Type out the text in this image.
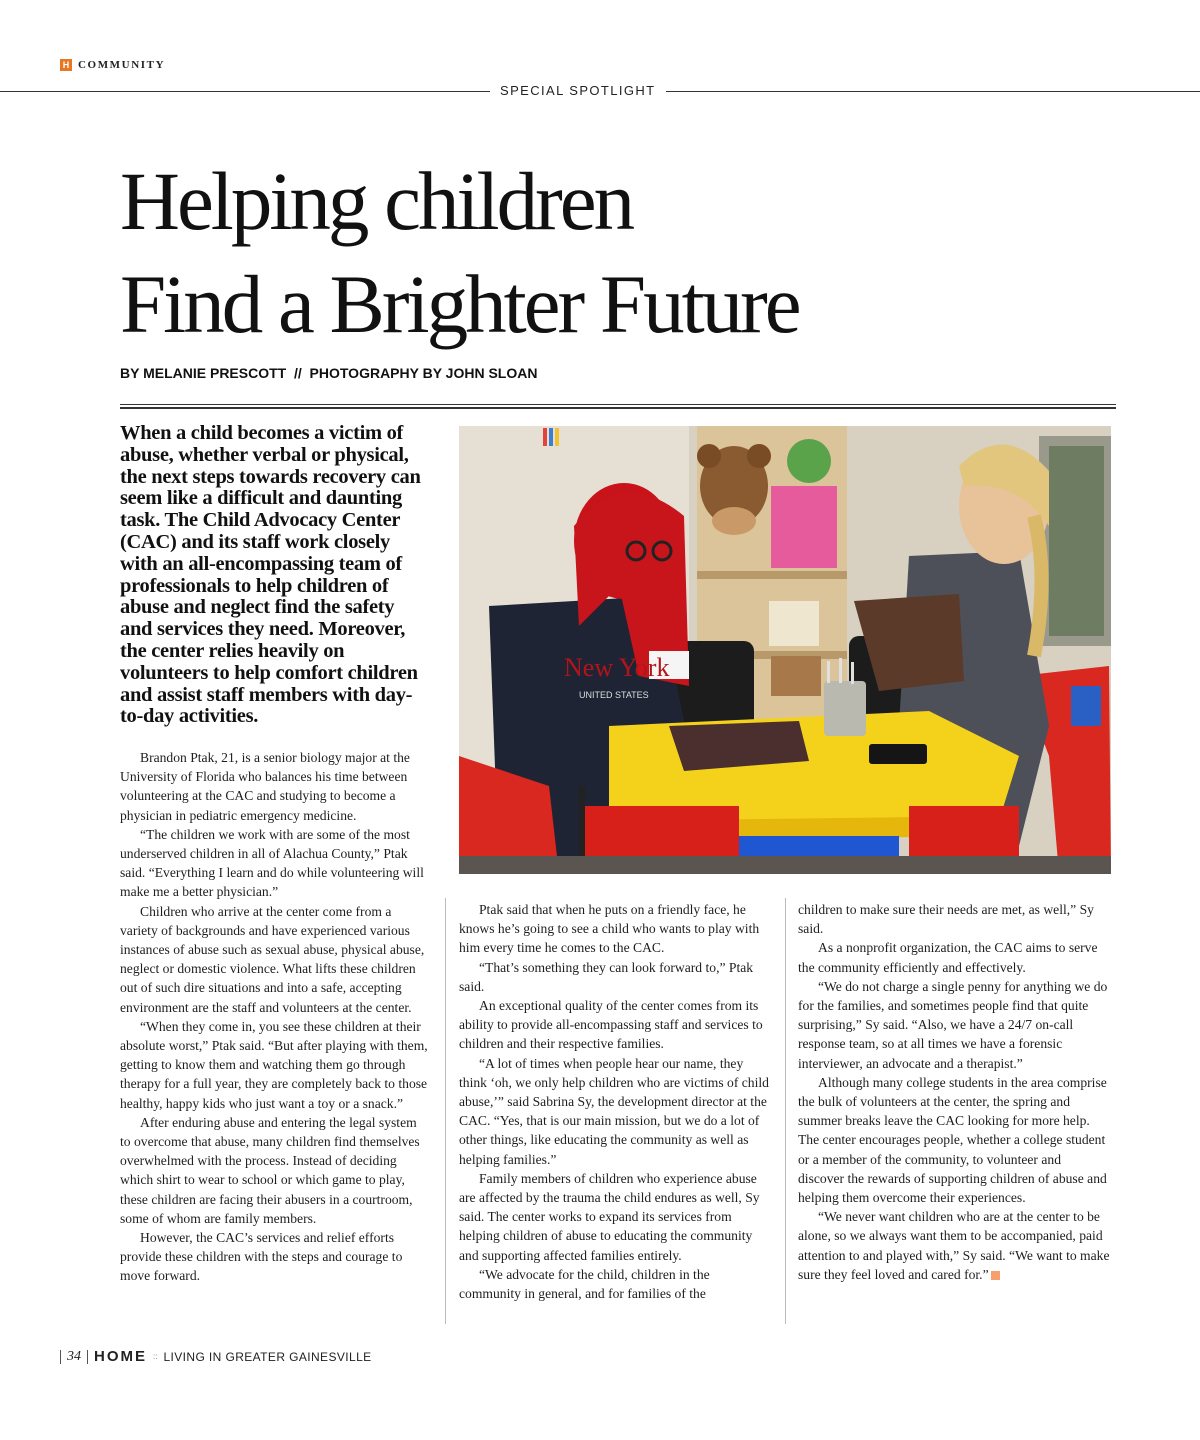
H COMMUNITY
SPECIAL SPOTLIGHT
Helping children
Find a Brighter Future
BY MELANIE PRESCOTT  //  PHOTOGRAPHY BY JOHN SLOAN

When a child becomes a victim of abuse, whether verbal or physical, the next steps towards recovery can seem like a difficult and daunting task. The Child Advocacy Center (CAC) and its staff work closely with an all-encompassing team of professionals to help children of abuse and neglect find the safety and services they need. Moreover, the center relies heavily on volunteers to help comfort children and assist staff members with day-to-day activities.

New York
UNITED STATES

Brandon Ptak, 21, is a senior biology major at the University of Florida who balances his time between volunteering at the CAC and studying to become a physician in pediatric emergency medicine.

“The children we work with are some of the most underserved children in all of Alachua County,” Ptak said. “Everything I learn and do while volunteering will make me a better physician.”

Children who arrive at the center come from a variety of backgrounds and have experienced various instances of abuse such as sexual abuse, physical abuse, neglect or domestic violence. What lifts these children out of such dire situations and into a safe, accepting environment are the staff and volunteers at the center.

“When they come in, you see these children at their absolute worst,” Ptak said. “But after playing with them, getting to know them and watching them go through therapy for a full year, they are completely back to those healthy, happy kids who just want a toy or a snack.”

After enduring abuse and entering the legal system to overcome that abuse, many children find themselves overwhelmed with the process. Instead of deciding which shirt to wear to school or which game to play, these children are facing their abusers in a courtroom, some of whom are family members.

However, the CAC’s services and relief efforts provide these children with the steps and courage to move forward.

Ptak said that when he puts on a friendly face, he knows he’s going to see a child who wants to play with him every time he comes to the CAC.

“That’s something they can look forward to,” Ptak said.

An exceptional quality of the center comes from its ability to provide all-encompassing staff and services to children and their respective families.

“A lot of times when people hear our name, they think ‘oh, we only help children who are victims of child abuse,’” said Sabrina Sy, the development director at the CAC. “Yes, that is our main mission, but we do a lot of other things, like educating the community as well as helping families.”

Family members of children who experience abuse are affected by the trauma the child endures as well, Sy said. The center works to expand its services from helping children of abuse to educating the community and supporting affected families entirely.

“We advocate for the child, children in the community in general, and for families of the

children to make sure their needs are met, as well,” Sy said.

As a nonprofit organization, the CAC aims to serve the community efficiently and effectively.

“We do not charge a single penny for anything we do for the families, and sometimes people find that quite surprising,” Sy said. “Also, we have a 24/7 on-call response team, so at all times we have a forensic interviewer, an advocate and a therapist.”

Although many college students in the area comprise the bulk of volunteers at the center, the spring and summer breaks leave the CAC looking for more help. The center encourages people, whether a college student or a member of the community, to volunteer and discover the rewards of supporting children of abuse and helping them overcome their experiences.

“We never want children who are at the center to be alone, so we always want them to be accompanied, paid attention to and played with,” Sy said. “We want to make sure they feel loved and cared for.”

34 HOME :: LIVING IN GREATER GAINESVILLE
